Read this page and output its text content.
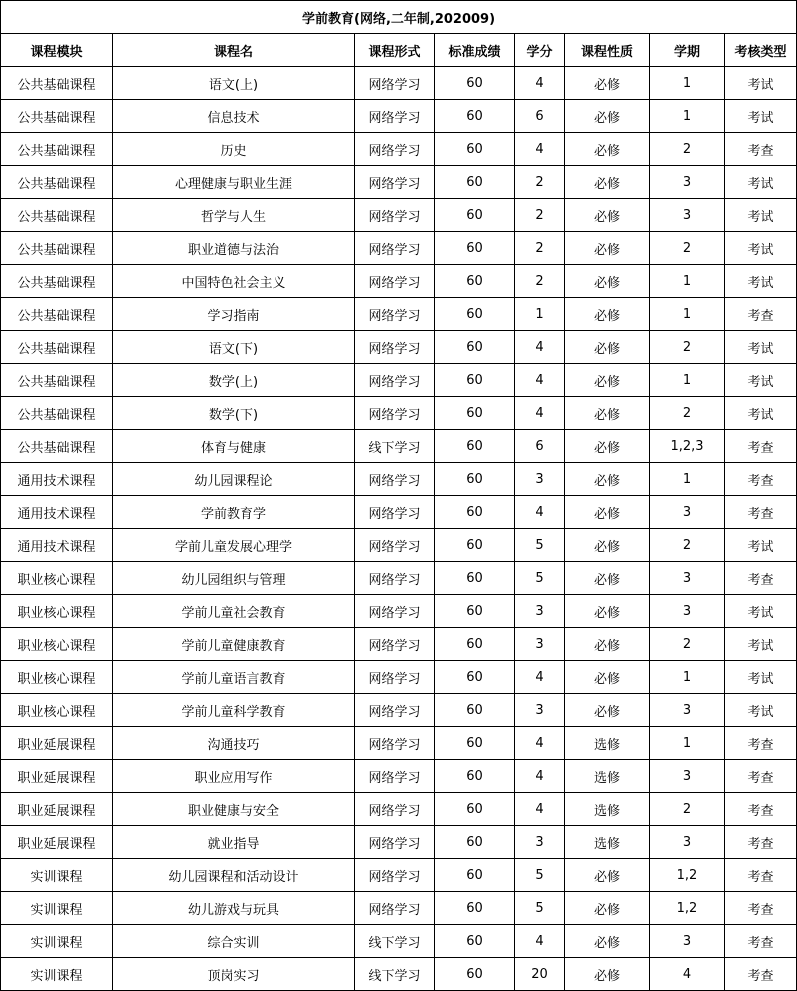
学前教育(网络,二年制,202009)							
课程模块	课程名	课程形式	标准成绩	学分	课程性质	学期	考核类型
公共基础课程	语文(上)	网络学习	60	4	必修	1	考试
公共基础课程	信息技术	网络学习	60	6	必修	1	考试
公共基础课程	历史	网络学习	60	4	必修	2	考查
公共基础课程	心理健康与职业生涯	网络学习	60	2	必修	3	考试
公共基础课程	哲学与人生	网络学习	60	2	必修	3	考试
公共基础课程	职业道德与法治	网络学习	60	2	必修	2	考试
公共基础课程	中国特色社会主义	网络学习	60	2	必修	1	考试
公共基础课程	学习指南	网络学习	60	1	必修	1	考查
公共基础课程	语文(下)	网络学习	60	4	必修	2	考试
公共基础课程	数学(上)	网络学习	60	4	必修	1	考试
公共基础课程	数学(下)	网络学习	60	4	必修	2	考试
公共基础课程	体育与健康	线下学习	60	6	必修	1,2,3	考查
通用技术课程	幼儿园课程论	网络学习	60	3	必修	1	考查
通用技术课程	学前教育学	网络学习	60	4	必修	3	考查
通用技术课程	学前儿童发展心理学	网络学习	60	5	必修	2	考试
职业核心课程	幼儿园组织与管理	网络学习	60	5	必修	3	考查
职业核心课程	学前儿童社会教育	网络学习	60	3	必修	3	考试
职业核心课程	学前儿童健康教育	网络学习	60	3	必修	2	考试
职业核心课程	学前儿童语言教育	网络学习	60	4	必修	1	考试
职业核心课程	学前儿童科学教育	网络学习	60	3	必修	3	考试
职业延展课程	沟通技巧	网络学习	60	4	选修	1	考查
职业延展课程	职业应用写作	网络学习	60	4	选修	3	考查
职业延展课程	职业健康与安全	网络学习	60	4	选修	2	考查
职业延展课程	就业指导	网络学习	60	3	选修	3	考查
实训课程	幼儿园课程和活动设计	网络学习	60	5	必修	1,2	考查
实训课程	幼儿游戏与玩具	网络学习	60	5	必修	1,2	考查
实训课程	综合实训	线下学习	60	4	必修	3	考查
实训课程	顶岗实习	线下学习	60	20	必修	4	考查
